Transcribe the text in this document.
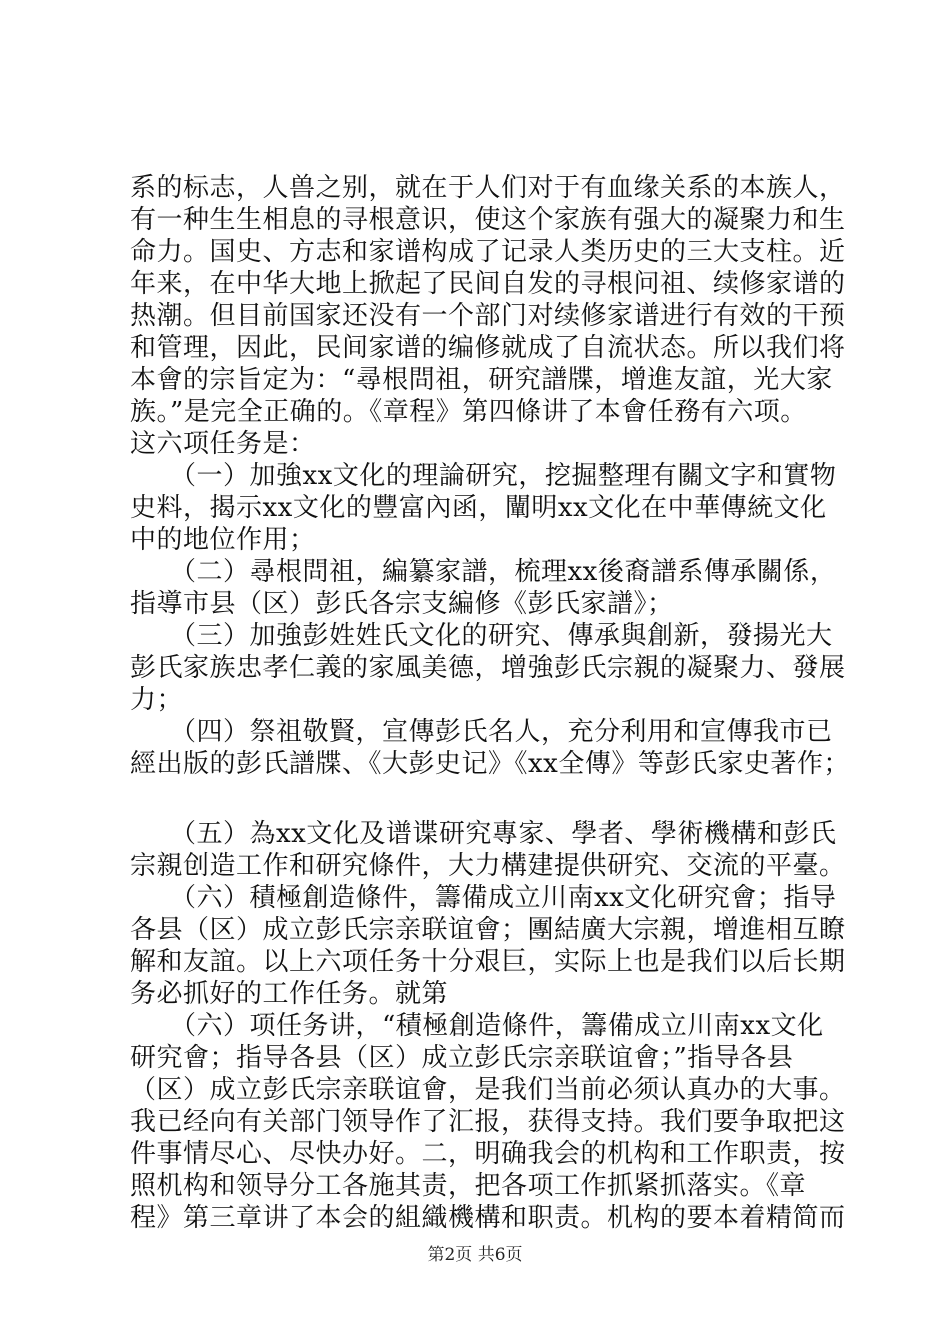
系的标志，人兽之别，就在于人们对于有血缘关系的本族人，
有一种生生相息的寻根意识，使这个家族有强大的凝聚力和生
命力。国史、方志和家谱构成了记录人类历史的三大支柱。近
年来，在中华大地上掀起了民间自发的寻根问祖、续修家谱的
热潮。但目前国家还没有一个部门对续修家谱进行有效的干预
和管理，因此，民间家谱的编修就成了自流状态。所以我们将
本會的宗旨定为：“尋根問祖，研究譜牒，增進友誼，光大家
族。”是完全正确的。《章程》第四條讲了本會任務有六项。
这六项任务是：
　　（一）加強xx文化的理論研究，挖掘整理有關文字和實物
史料，揭示xx文化的豐富內函，闡明xx文化在中華傳統文化
中的地位作用；
　　（二）尋根問祖，編纂家譜，梳理xx後裔譜系傳承關係，
指導市县（区）彭氏各宗支編修《彭氏家譜》；
　　（三）加強彭姓姓氏文化的研究、傳承與創新，發揚光大
彭氏家族忠孝仁義的家風美德，增強彭氏宗親的凝聚力、發展
力；
　　（四）祭祖敬賢，宣傳彭氏名人，充分利用和宣傳我市已
經出版的彭氏譜牒、《大彭史记》《xx全傳》等彭氏家史著作；
　　（五）為xx文化及谱谍研究專家、學者、學術機構和彭氏
宗親创造工作和研究條件，大力構建提供研究、交流的平臺。
　　（六）積極創造條件，籌備成立川南xx文化研究會；指导
各县（区）成立彭氏宗亲联谊會；團結廣大宗親，增進相互瞭
解和友誼。以上六项任务十分艰巨，实际上也是我们以后长期
务必抓好的工作任务。就第
　　（六）项任务讲，“積極創造條件，籌備成立川南xx文化
研究會；指导各县（区）成立彭氏宗亲联谊會；”指导各县
（区）成立彭氏宗亲联谊會，是我们当前必须认真办的大事。
我已经向有关部门领导作了汇报，获得支持。我们要争取把这
件事情尽心、尽快办好。二，明确我会的机构和工作职责，按
照机构和领导分工各施其责，把各项工作抓紧抓落实。《章
程》第三章讲了本会的組織機構和职责。机构的要本着精简而
第2页 共6页
